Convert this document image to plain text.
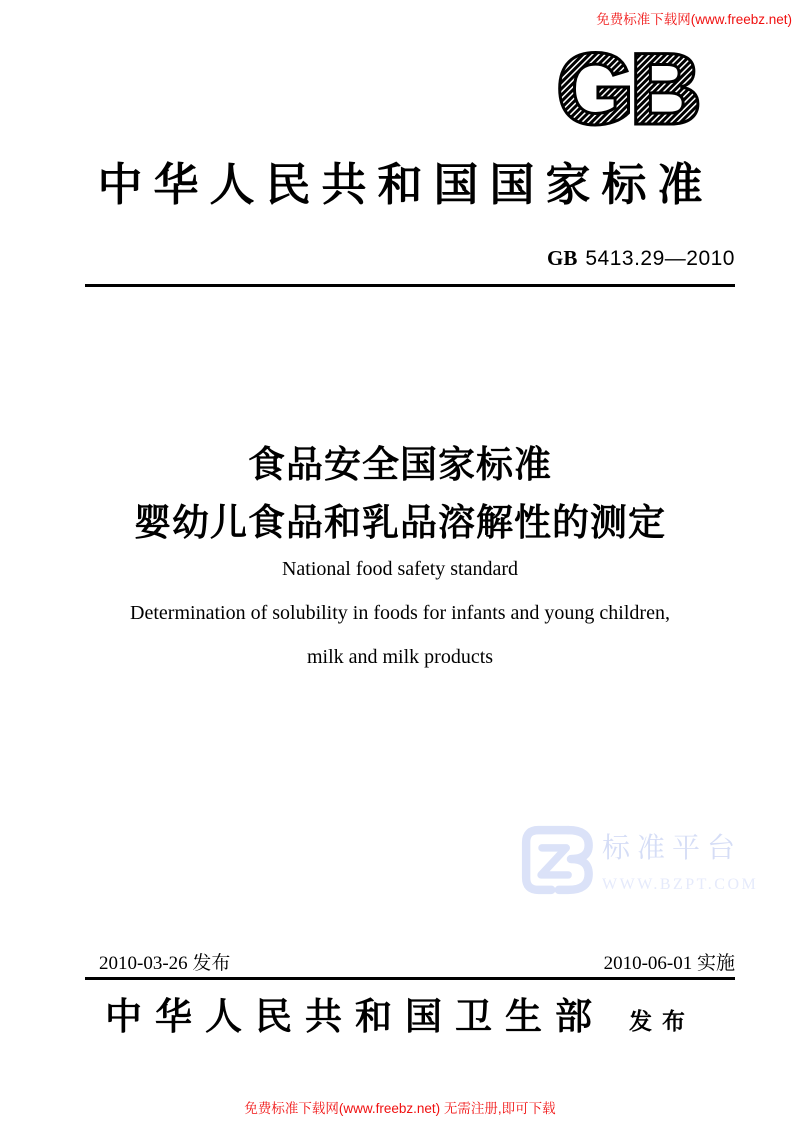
免费标准下载网(www.freebz.net)
GB
中华人民共和国国家标准
GB 5413.29—2010
食品安全国家标准
婴幼儿食品和乳品溶解性的测定
National food safety standard
Determination of solubility in foods for infants and young children,
milk and milk products
标准平台
WWW.BZPT.COM
2010-03-26 发布	2010-06-01 实施
中华人民共和国卫生部 发布
免费标准下载网(www.freebz.net) 无需注册,即可下载
